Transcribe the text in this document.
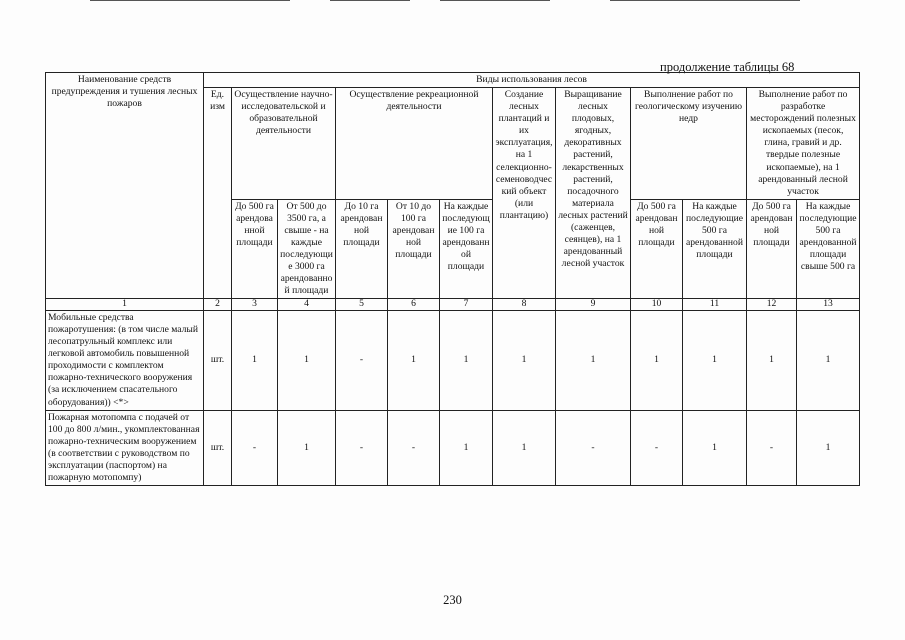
продолжение таблицы 68
Наименование средств предупреждения и тушения лесных пожаров	Виды использования лесов											
	Ед. изм	Осуществление научно-исследовательской и образовательной деятельности		Осуществление рекреационной деятельности			Создание лесных плантаций и их эксплуатация, на 1 селекционно-семеноводческий объект (или плантацию)	Выращивание лесных плодовых, ягодных, декоративных растений, лекарственных растений, посадочного материала лесных растений (саженцев, сеянцев), на 1 арендованный лесной участок	Выполнение работ по геологическому изучению недр		Выполнение работ по разработке месторождений полезных ископаемых (песок, глина, гравий и др. твердые полезные ископаемые), на 1 арендованный лесной участок	
		До 500 га арендованной площади	От 500 до 3500 га, а свыше - на каждые последующие 3000 га арендованной площади	До 10 га арендованной площади	От 10 до 100 га арендованной площади	На каждые последующие 100 га арендованной площади			До 500 га арендованной площади	На каждые последующие 500 га арендованной площади	До 500 га арендованной площади	На каждые последующие 500 га арендованной площади свыше 500 га
1	2	3	4	5	6	7	8	9	10	11	12	13
Мобильные средства пожаротушения: (в том числе малый лесопатрульный комплекс или легковой автомобиль повышенной проходимости с комплектом пожарно-технического вооружения (за исключением спасательного оборудования)) <*>	шт.	1	1	-	1	1	1	1	1	1	1	1
Пожарная мотопомпа с подачей от 100 до 800 л/мин., укомплектованная пожарно-техническим вооружением (в соответствии с руководством по эксплуатации (паспортом) на пожарную мотопомпу)	шт.	-	1	-	-	1	1	-	-	1	-	1
230
